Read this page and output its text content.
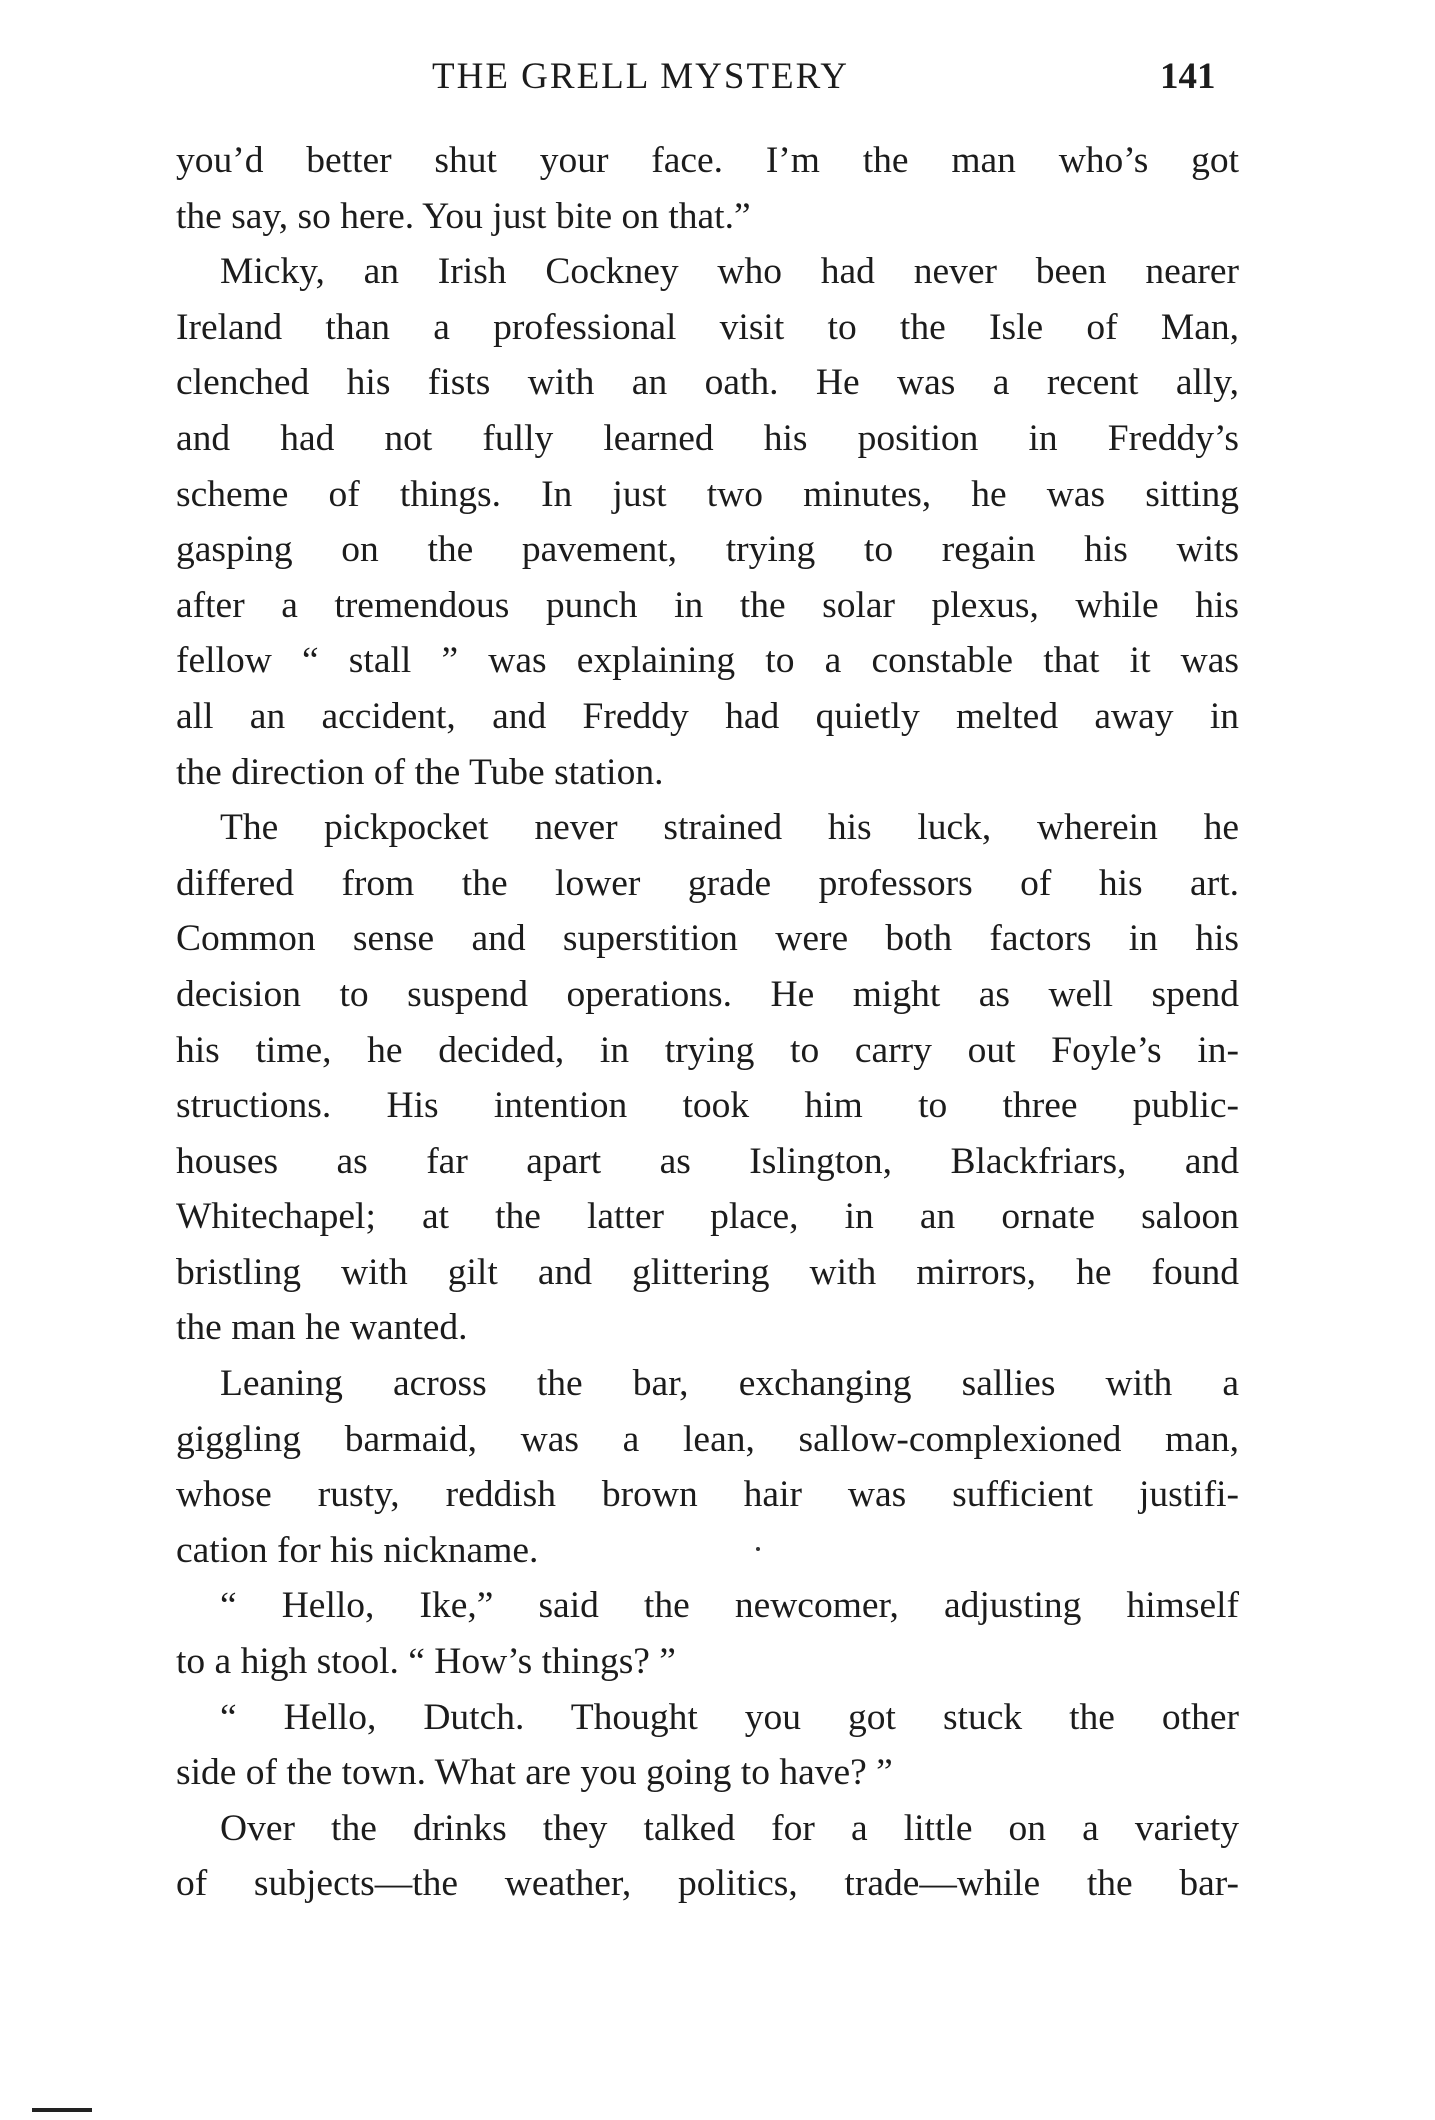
THE GRELL MYSTERY	141
you’d better shut your face. I’m the man who’s got
the say, so here. You just bite on that.”
Micky, an Irish Cockney who had never been nearer
Ireland than a professional visit to the Isle of Man,
clenched his fists with an oath. He was a recent ally,
and had not fully learned his position in Freddy’s
scheme of things. In just two minutes, he was sitting
gasping on the pavement, trying to regain his wits
after a tremendous punch in the solar plexus, while his
fellow “ stall ” was explaining to a constable that it was
all an accident, and Freddy had quietly melted away in
the direction of the Tube station.
The pickpocket never strained his luck, wherein he
differed from the lower grade professors of his art.
Common sense and superstition were both factors in his
decision to suspend operations. He might as well spend
his time, he decided, in trying to carry out Foyle’s in-
structions. His intention took him to three public-
houses as far apart as Islington, Blackfriars, and
Whitechapel; at the latter place, in an ornate saloon
bristling with gilt and glittering with mirrors, he found
the man he wanted.
Leaning across the bar, exchanging sallies with a
giggling barmaid, was a lean, sallow-complexioned man,
whose rusty, reddish brown hair was sufficient justifi-
cation for his nickname.
“ Hello, Ike,” said the newcomer, adjusting himself
to a high stool. “ How’s things? ”
“ Hello, Dutch. Thought you got stuck the other
side of the town. What are you going to have? ”
Over the drinks they talked for a little on a variety
of subjects—the weather, politics, trade—while the bar-
